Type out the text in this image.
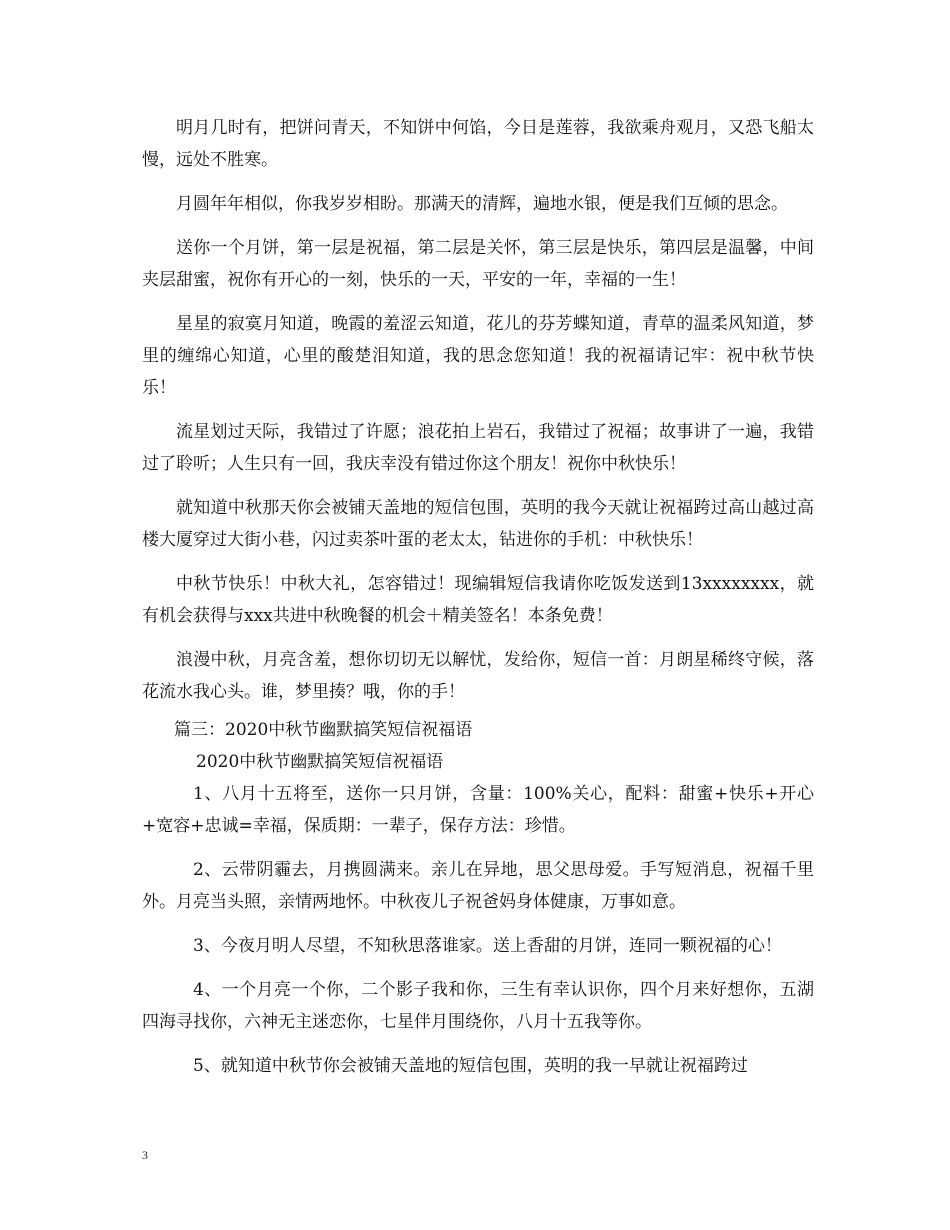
明月几时有，把饼问青天，不知饼中何馅，今日是莲蓉，我欲乘舟观月，又恐飞船太慢，远处不胜寒。

月圆年年相似，你我岁岁相盼。那满天的清辉，遍地水银，便是我们互倾的思念。

送你一个月饼，第一层是祝福，第二层是关怀，第三层是快乐，第四层是温馨，中间夹层甜蜜，祝你有开心的一刻，快乐的一天，平安的一年，幸福的一生！

星星的寂寞月知道，晚霞的羞涩云知道，花儿的芬芳蝶知道，青草的温柔风知道，梦里的缠绵心知道，心里的酸楚泪知道，我的思念您知道！我的祝福请记牢：祝中秋节快乐！

流星划过天际，我错过了许愿；浪花拍上岩石，我错过了祝福；故事讲了一遍，我错过了聆听；人生只有一回，我庆幸没有错过你这个朋友！祝你中秋快乐！

就知道中秋那天你会被铺天盖地的短信包围，英明的我今天就让祝福跨过高山越过高楼大厦穿过大街小巷，闪过卖茶叶蛋的老太太，钻进你的手机：中秋快乐！

中秋节快乐！中秋大礼，怎容错过！现编辑短信我请你吃饭发送到13xxxxxxxx，就有机会获得与xxx共进中秋晚餐的机会＋精美签名！本条免费！

浪漫中秋，月亮含羞，想你切切无以解忧，发给你，短信一首：月朗星稀终守候，落花流水我心头。谁，梦里揍？哦，你的手！

篇三：2020中秋节幽默搞笑短信祝福语

2020中秋节幽默搞笑短信祝福语

1、八月十五将至，送你一只月饼，含量：100%关心，配料：甜蜜+快乐+开心+宽容+忠诚=幸福，保质期：一辈子，保存方法：珍惜。

2、云带阴霾去，月携圆满来。亲儿在异地，思父思母爱。手写短消息，祝福千里外。月亮当头照，亲情两地怀。中秋夜儿子祝爸妈身体健康，万事如意。

3、今夜月明人尽望，不知秋思落谁家。送上香甜的月饼，连同一颗祝福的心！

4、一个月亮一个你，二个影子我和你，三生有幸认识你，四个月来好想你，五湖四海寻找你，六神无主迷恋你，七星伴月围绕你，八月十五我等你。

5、就知道中秋节你会被铺天盖地的短信包围，英明的我一早就让祝福跨过

3
